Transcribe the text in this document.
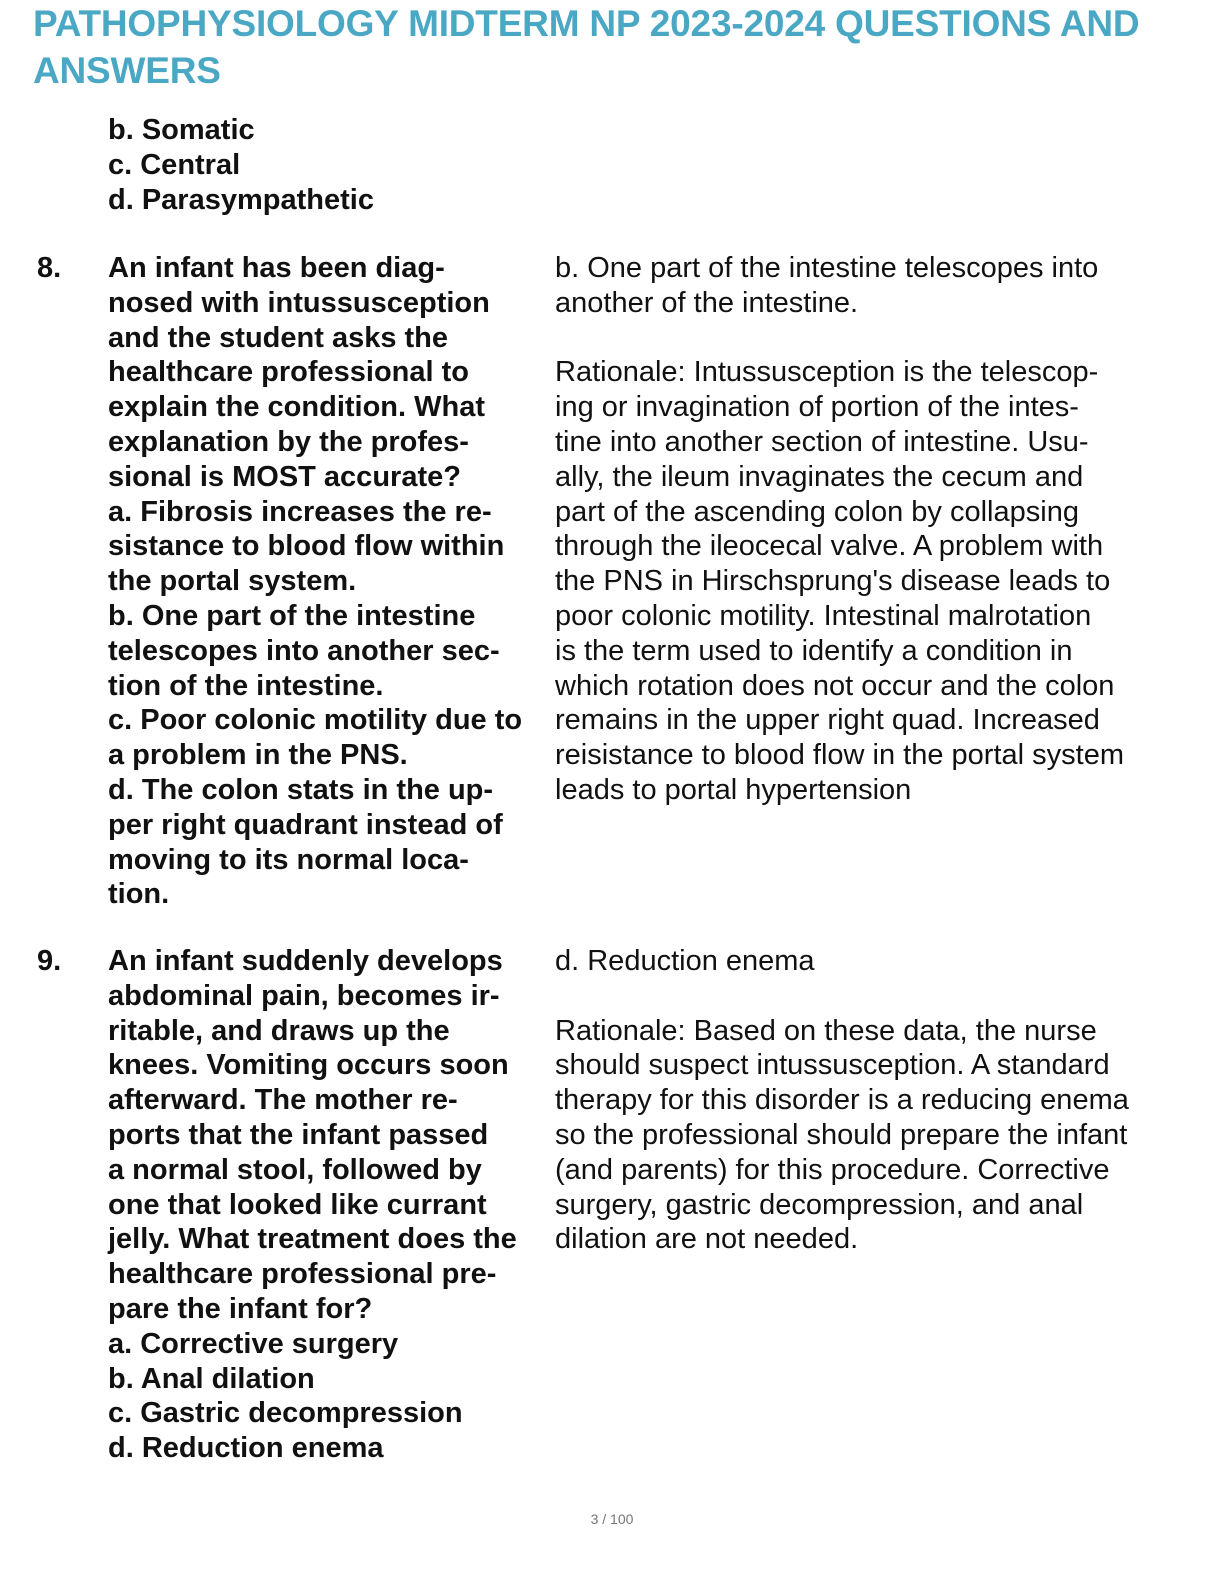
PATHOPHYSIOLOGY MIDTERM NP 2023-2024 QUESTIONS AND ANSWERS
b. Somatic
c. Central
d. Parasympathetic
8. An infant has been diag-

nosed with intussusception

and the student asks the

healthcare professional to

explain the condition. What

explanation by the profes-

sional is MOST accurate?

a. Fibrosis increases the re-

sistance to blood flow within

the portal system.

b. One part of the intestine

telescopes into another sec-

tion of the intestine.

c. Poor colonic motility due to

a problem in the PNS.

d. The colon stats in the up-

per right quadrant instead of

moving to its normal loca-

tion.

b. One part of the intestine telescopes into

another of the intestine.

Rationale: Intussusception is the telescop-

ing or invagination of portion of the intes-

tine into another section of intestine. Usu-

ally, the ileum invaginates the cecum and

part of the ascending colon by collapsing

through the ileocecal valve. A problem with

the PNS in Hirschsprung's disease leads to

poor colonic motility. Intestinal malrotation

is the term used to identify a condition in

which rotation does not occur and the colon

remains in the upper right quad. Increased

reisistance to blood flow in the portal system

leads to portal hypertension

9. An infant suddenly develops

abdominal pain, becomes ir-

ritable, and draws up the

knees. Vomiting occurs soon

afterward. The mother re-

ports that the infant passed

a normal stool, followed by

one that looked like currant

jelly. What treatment does the

healthcare professional pre-

pare the infant for?

a. Corrective surgery

b. Anal dilation

c. Gastric decompression

d. Reduction enema

d. Reduction enema

Rationale: Based on these data, the nurse

should suspect intussusception. A standard

therapy for this disorder is a reducing enema

so the professional should prepare the infant

(and parents) for this procedure. Corrective

surgery, gastric decompression, and anal

dilation are not needed.

3 / 100
